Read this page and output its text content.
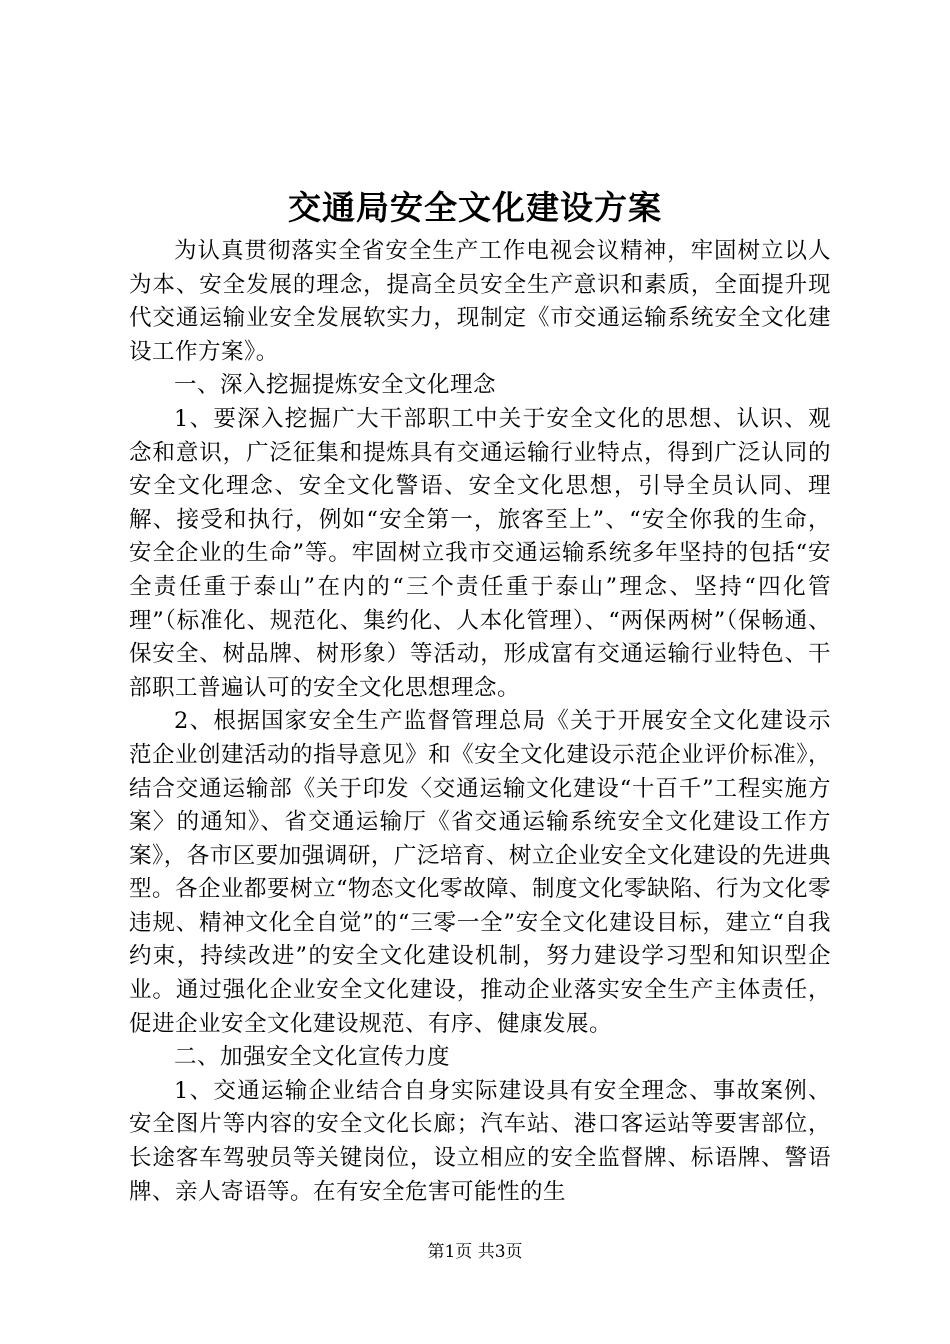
交通局安全文化建设方案

为认真贯彻落实全省安全生产工作电视会议精神，牢固树立以人为本、安全发展的理念，提高全员安全生产意识和素质，全面提升现代交通运输业安全发展软实力，现制定《市交通运输系统安全文化建设工作方案》。

一、深入挖掘提炼安全文化理念

1、要深入挖掘广大干部职工中关于安全文化的思想、认识、观念和意识，广泛征集和提炼具有交通运输行业特点，得到广泛认同的安全文化理念、安全文化警语、安全文化思想，引导全员认同、理解、接受和执行，例如“安全第一，旅客至上”、“安全你我的生命，安全企业的生命”等。牢固树立我市交通运输系统多年坚持的包括“安全责任重于泰山”在内的“三个责任重于泰山”理念、坚持“四化管理”（标准化、规范化、集约化、人本化管理）、“两保两树”（保畅通、保安全、树品牌、树形象）等活动，形成富有交通运输行业特色、干部职工普遍认可的安全文化思想理念。

2、根据国家安全生产监督管理总局《关于开展安全文化建设示范企业创建活动的指导意见》和《安全文化建设示范企业评价标准》，结合交通运输部《关于印发〈交通运输文化建设“十百千”工程实施方案〉的通知》、省交通运输厅《省交通运输系统安全文化建设工作方案》，各市区要加强调研，广泛培育、树立企业安全文化建设的先进典型。各企业都要树立“物态文化零故障、制度文化零缺陷、行为文化零违规、精神文化全自觉”的“三零一全”安全文化建设目标，建立“自我约束，持续改进”的安全文化建设机制，努力建设学习型和知识型企业。通过强化企业安全文化建设，推动企业落实安全生产主体责任，促进企业安全文化建设规范、有序、健康发展。

二、加强安全文化宣传力度

1、交通运输企业结合自身实际建设具有安全理念、事故案例、安全图片等内容的安全文化长廊；汽车站、港口客运站等要害部位，长途客车驾驶员等关键岗位，设立相应的安全监督牌、标语牌、警语牌、亲人寄语等。在有安全危害可能性的生

第1页 共3页
